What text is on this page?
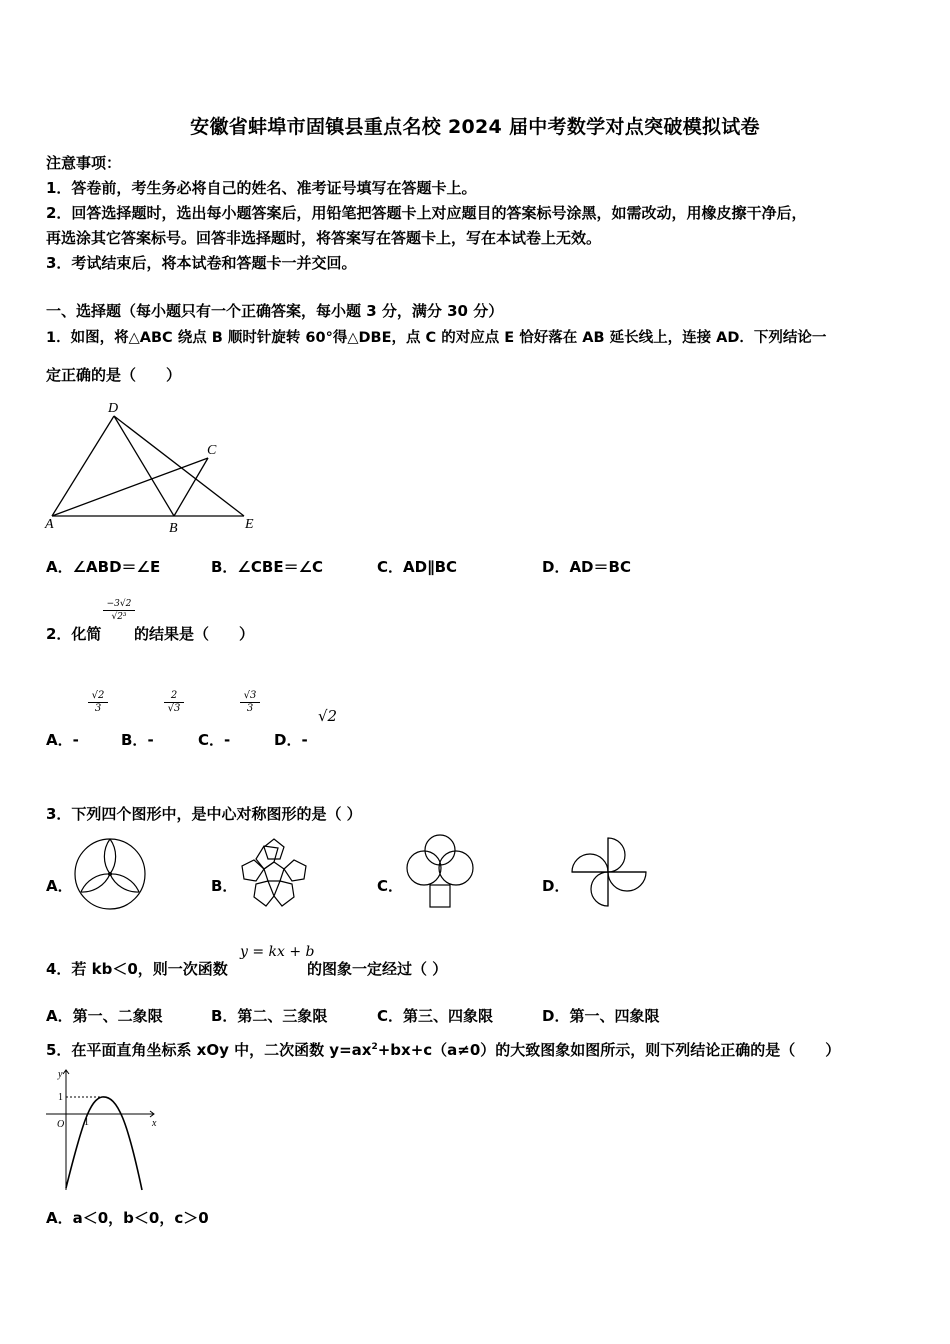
安徽省蚌埠市固镇县重点名校 2024 届中考数学对点突破模拟试卷
注意事项：
1．答卷前，考生务必将自己的姓名、准考证号填写在答题卡上。
2．回答选择题时，选出每小题答案后，用铅笔把答题卡上对应题目的答案标号涂黑，如需改动，用橡皮擦干净后，
再选涂其它答案标号。回答非选择题时，将答案写在答题卡上，写在本试卷上无效。
3．考试结束后，将本试卷和答题卡一并交回。
一、选择题（每小题只有一个正确答案，每小题 3 分，满分 30 分）
1．如图，将△ABC 绕点 B 顺时针旋转 60°得△DBE，点 C 的对应点 E 恰好落在 AB 延长线上，连接 AD．下列结论一
定正确的是（　　）
D
C
A	B	E
A．∠ABD＝∠E	B．∠CBE＝∠C	C．AD∥BC	D．AD＝BC
2．化简
$\frac{-3√2}{\text{√2³}}$
的结果是（　　）
$\frac{√2}{3}$	$\frac{2}{√3}$	$\frac{√3}{3}$
√2
A．-	B．-	C．-	D．-
3．下列四个图形中，是中心对称图形的是（ ）
A．	B．	C．	D．
4．若 kb＜0，则一次函数
y = kx + b
的图象一定经过（ ）
A．第一、二象限	B．第二、三象限	C．第三、四象限	D．第一、四象限
5．在平面直角坐标系 xOy 中，二次函数 $y=ax^2+bx+c(a\ne 0)$的大致图象如图所示，则下列结论正确的是（　　）
y
x
O 1
1
A．a＜0，b＜0，c＞0
